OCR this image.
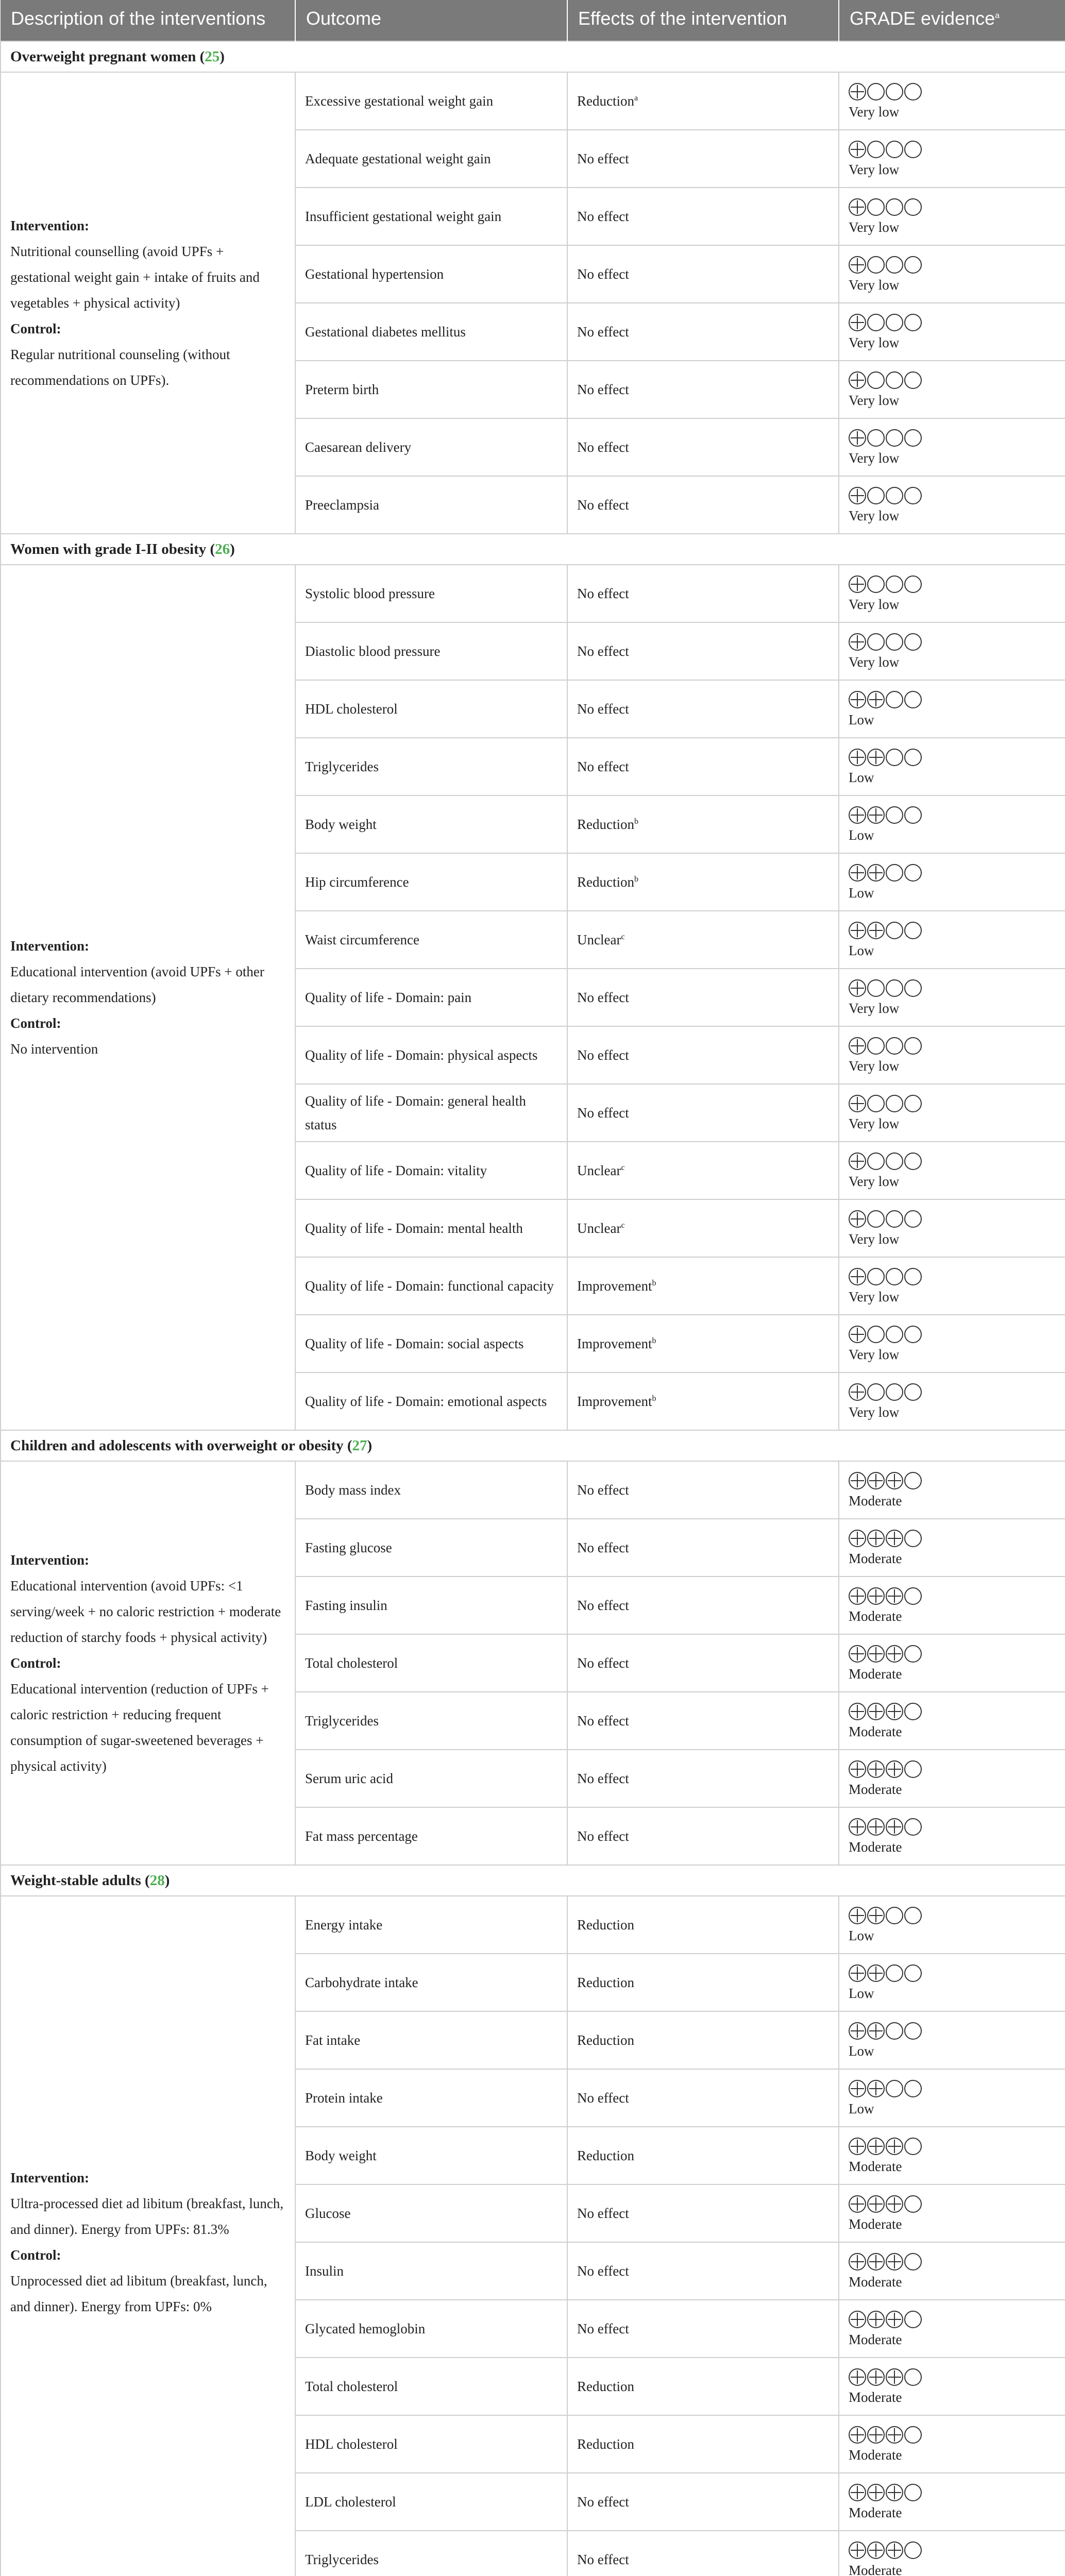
Description of the interventions	Outcome	Effects of the intervention	GRADE evidence$^a$
Overweight pregnant women (25)			

Intervention:
Nutritional counselling (avoid UPFs + gestational weight gain + intake of fruits and vegetables + physical activity)
Control:
Regular nutritional counseling (without recommendations on UPFs).	Excessive gestational weight gain	Reduction$^a$	Very low

	Adequate gestational weight gain	No effect	Very low

	Insufficient gestational weight gain	No effect	Very low

	Gestational hypertension	No effect	Very low

	Gestational diabetes mellitus	No effect	Very low

	Preterm birth	No effect	Very low

	Caesarean delivery	No effect	Very low

	Preeclampsia	No effect	Very low

Women with grade I-II obesity (26)			

Intervention:
Educational intervention (avoid UPFs + other dietary recommendations)
Control:
No intervention	Systolic blood pressure	No effect	Very low

	Diastolic blood pressure	No effect	Very low

	HDL cholesterol	No effect	Low

	Triglycerides	No effect	Low

	Body weight	Reduction$^b$	Low

	Hip circumference	Reduction$^b$	Low

	Waist circumference	Unclear$^c$	Low

	Quality of life - Domain: pain	No effect	Very low

	Quality of life - Domain: physical aspects	No effect	Very low

	Quality of life - Domain: general health status	No effect	Very low

	Quality of life - Domain: vitality	Unclear$^c$	Very low

	Quality of life - Domain: mental health	Unclear$^c$	Very low

	Quality of life - Domain: functional capacity	Improvement$^b$	Very low

	Quality of life - Domain: social aspects	Improvement$^b$	Very low

	Quality of life - Domain: emotional aspects	Improvement$^b$	Very low

Children and adolescents with overweight or obesity (27)			

Intervention:
Educational intervention (avoid UPFs: <1 serving/week + no caloric restriction + moderate reduction of starchy foods + physical activity)
Control:
Educational intervention (reduction of UPFs + caloric restriction + reducing frequent consumption of sugar-sweetened beverages + physical activity)	Body mass index	No effect	Moderate

	Fasting glucose	No effect	Moderate

	Fasting insulin	No effect	Moderate

	Total cholesterol	No effect	Moderate

	Triglycerides	No effect	Moderate

	Serum uric acid	No effect	Moderate

	Fat mass percentage	No effect	Moderate

Weight-stable adults (28)			

Intervention:
Ultra-processed diet ad libitum (breakfast, lunch, and dinner). Energy from UPFs: 81.3%
Control:
Unprocessed diet ad libitum (breakfast, lunch, and dinner). Energy from UPFs: 0%	Energy intake	Reduction	Low

	Carbohydrate intake	Reduction	Low

	Fat intake	Reduction	Low

	Protein intake	No effect	Low

	Body weight	Reduction	Moderate

	Glucose	No effect	Moderate

	Insulin	No effect	Moderate

	Glycated hemoglobin	No effect	Moderate

	Total cholesterol	Reduction	Moderate

	HDL cholesterol	Reduction	Moderate

	LDL cholesterol	No effect	Moderate

	Triglycerides	No effect	Moderate
